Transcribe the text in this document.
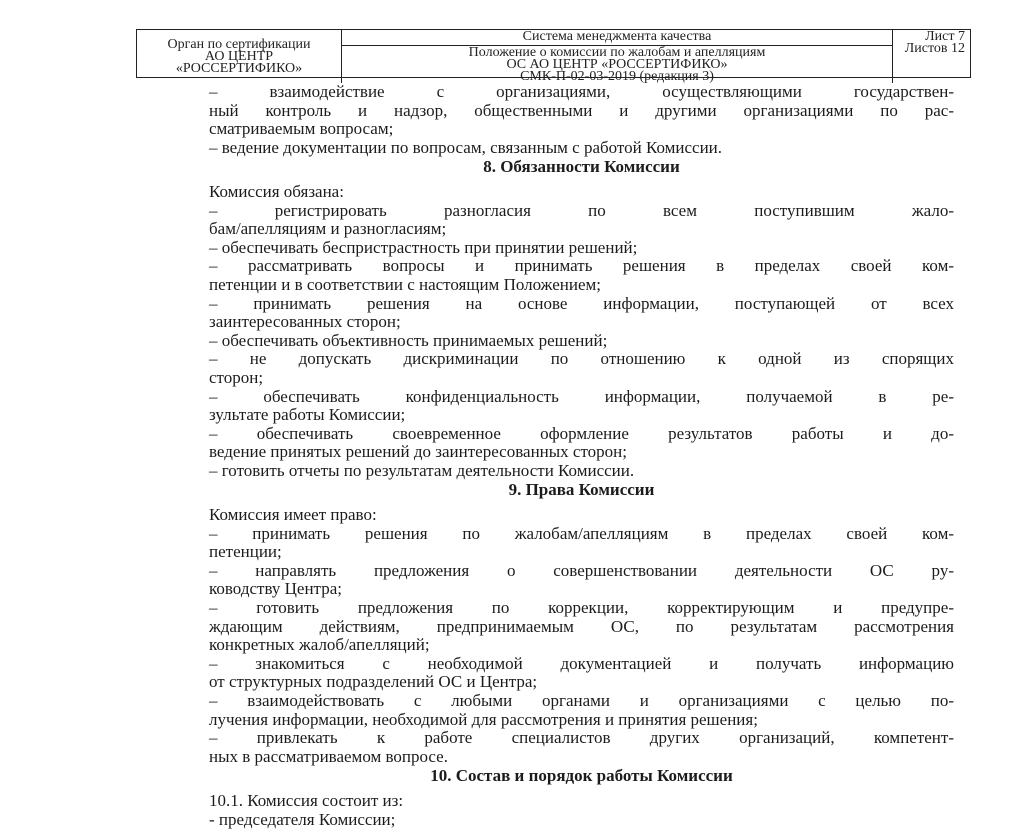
Орган по сертификации
АО ЦЕНТР
«РОССЕРТИФИКО»
Система менеджмента качества
Положение о комиссии по жалобам и апелляциям
ОС АО ЦЕНТР «РОССЕРТИФИКО»
СМК-П-02-03-2019 (редакция 3)
Лист 7
Листов 12
– взаимодействие с организациями, осуществляющими государствен-
ный контроль и надзор, общественными и другими организациями по рас-
сматриваемым вопросам;
– ведение документации по вопросам, связанным с работой Комиссии.
8. Обязанности Комиссии
Комиссия обязана:
– регистрировать разногласия по всем поступившим жало-
бам/апелляциям и разногласиям;
– обеспечивать беспристрастность при принятии решений;
– рассматривать вопросы и принимать решения в пределах своей ком-
петенции и в соответствии с настоящим Положением;
– принимать решения на основе информации, поступающей от всех
заинтересованных сторон;
– обеспечивать объективность принимаемых решений;
– не допускать дискриминации по отношению к одной из спорящих
сторон;
– обеспечивать конфиденциальность информации, получаемой в ре-
зультате работы Комиссии;
– обеспечивать своевременное оформление результатов работы и до-
ведение принятых решений до заинтересованных сторон;
– готовить отчеты по результатам деятельности Комиссии.
9. Права Комиссии
Комиссия имеет право:
– принимать решения по жалобам/апелляциям в пределах своей ком-
петенции;
– направлять предложения о совершенствовании деятельности ОС ру-
ководству Центра;
– готовить предложения по коррекции, корректирующим и предупре-
ждающим действиям, предпринимаемым ОС, по результатам рассмотрения
конкретных жалоб/апелляций;
– знакомиться с необходимой документацией и получать информацию
от структурных подразделений ОС и Центра;
– взаимодействовать с любыми органами и организациями с целью по-
лучения информации, необходимой для рассмотрения и принятия решения;
– привлекать к работе специалистов других организаций, компетент-
ных в рассматриваемом вопросе.
10. Состав и порядок работы Комиссии
10.1. Комиссия состоит из:
- председателя Комиссии;
